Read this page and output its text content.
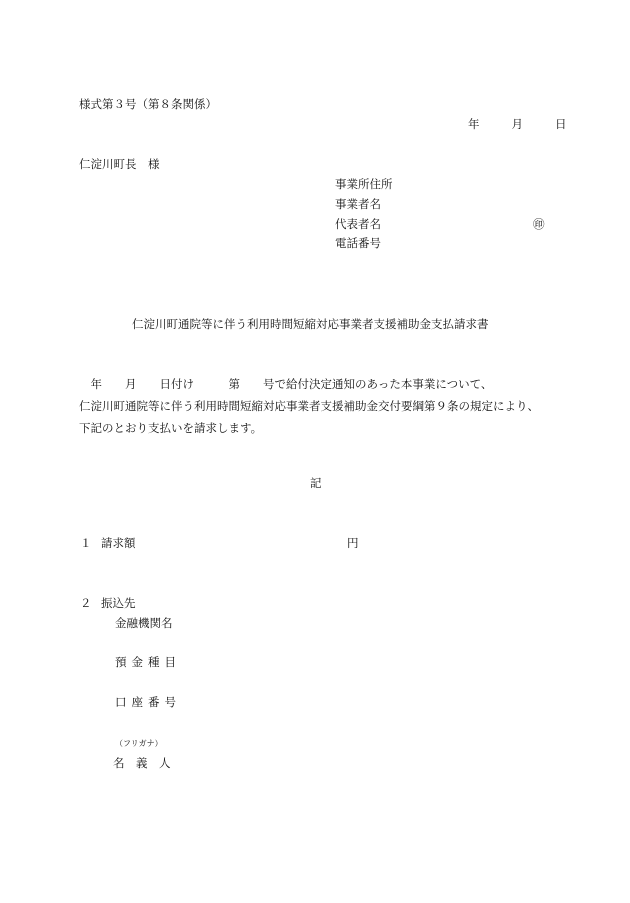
様式第３号（第８条関係）
年　　月　　日
仁淀川町長　様
事業所住所
事業者名
代表者名	㊞
電話番号
仁淀川町通院等に伴う利用時間短縮対応事業者支援補助金支払請求書
　年　　月　　日付け　　　第　　号で給付決定通知のあった本事業について、
仁淀川町通院等に伴う利用時間短縮対応事業者支援補助金交付要綱第９条の規定により、
下記のとおり支払いを請求します。
記
１ 請求額	円
２ 振込先
金融機関名
預金種目
口座番号
（フリガナ）
名　義　人
